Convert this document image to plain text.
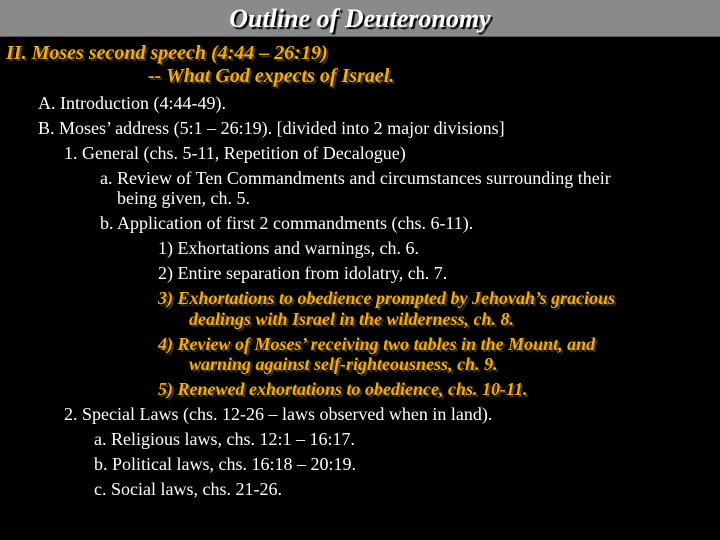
Outline of Deuteronomy
II. Moses second speech (4:44 – 26:19)
-- What God expects of Israel.
A. Introduction (4:44-49).
B. Moses’ address (5:1 – 26:19). [divided into 2 major divisions]
1. General (chs. 5-11, Repetition of Decalogue)
a. Review of Ten Commandments and circumstances surrounding their
being given, ch. 5.
b. Application of first 2 commandments (chs. 6-11).
1) Exhortations and warnings, ch. 6.
2) Entire separation from idolatry, ch. 7.
3) Exhortations to obedience prompted by Jehovah’s gracious
dealings with Israel in the wilderness, ch. 8.
4) Review of Moses’ receiving two tables in the Mount, and
warning against self-righteousness, ch. 9.
5) Renewed exhortations to obedience, chs. 10-11.
2. Special Laws (chs. 12-26 – laws observed when in land).
a. Religious laws, chs. 12:1 – 16:17.
b. Political laws, chs. 16:18 – 20:19.
c. Social laws, chs. 21-26.
